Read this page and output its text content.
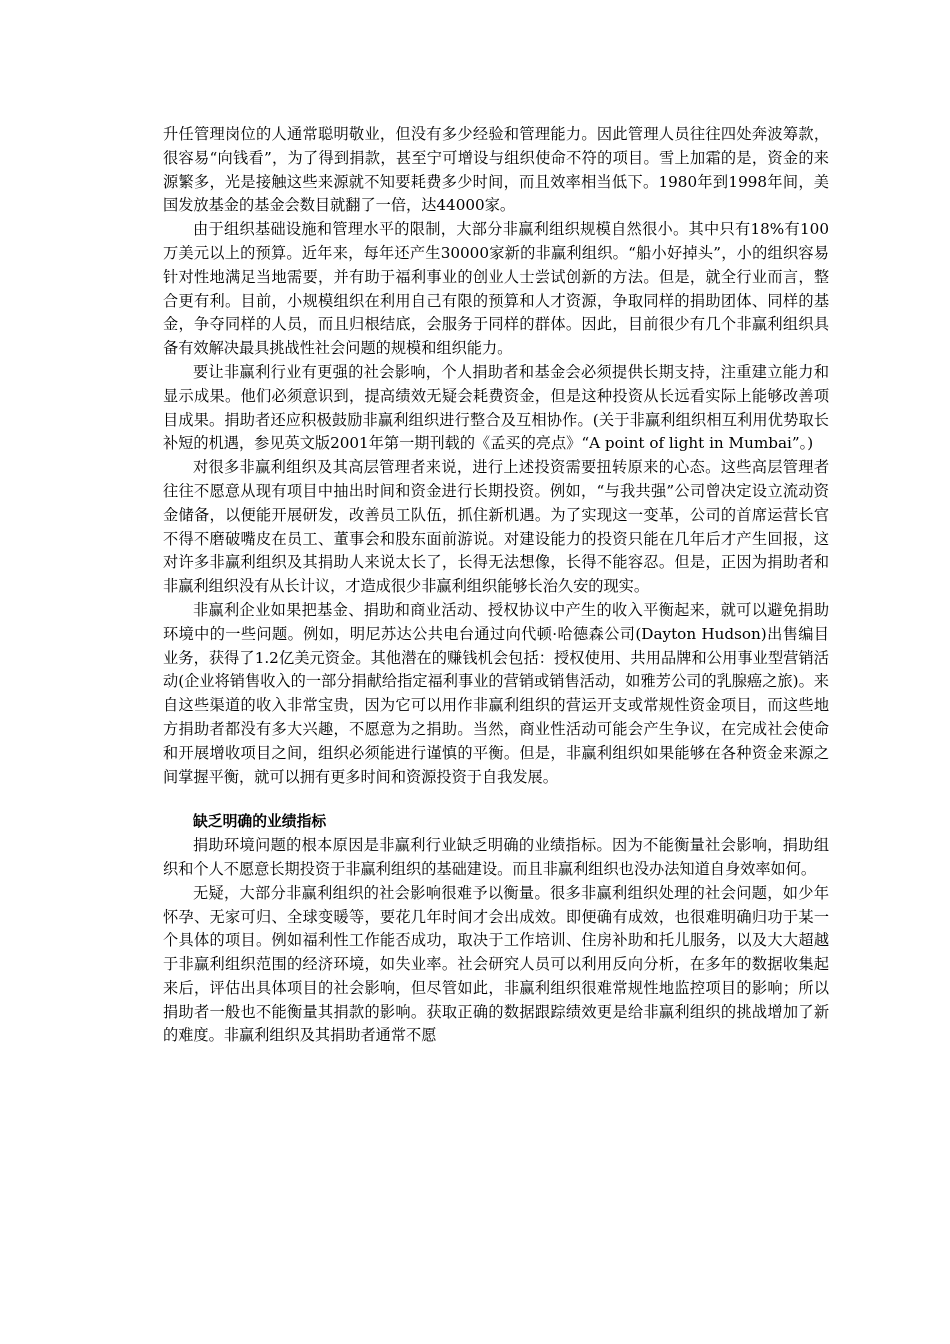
升任管理岗位的人通常聪明敬业，但没有多少经验和管理能力。因此管理人员往往四处奔波筹款，很容易“向钱看”，为了得到捐款，甚至宁可增设与组织使命不符的项目。雪上加霜的是，资金的来源繁多，光是接触这些来源就不知要耗费多少时间，而且效率相当低下。1980年到1998年间，美国发放基金的基金会数目就翻了一倍，达44000家。

由于组织基础设施和管理水平的限制，大部分非赢利组织规模自然很小。其中只有18%有100万美元以上的预算。近年来，每年还产生30000家新的非赢利组织。“船小好掉头”，小的组织容易针对性地满足当地需要，并有助于福利事业的创业人士尝试创新的方法。但是，就全行业而言，整合更有利。目前，小规模组织在利用自己有限的预算和人才资源，争取同样的捐助团体、同样的基金，争夺同样的人员，而且归根结底，会服务于同样的群体。因此，目前很少有几个非赢利组织具备有效解决最具挑战性社会问题的规模和组织能力。

要让非赢利行业有更强的社会影响，个人捐助者和基金会必须提供长期支持，注重建立能力和显示成果。他们必须意识到，提高绩效无疑会耗费资金，但是这种投资从长远看实际上能够改善项目成果。捐助者还应积极鼓励非赢利组织进行整合及互相协作。(关于非赢利组织相互利用优势取长补短的机遇，参见英文版2001年第一期刊载的《孟买的亮点》“A point of light in Mumbai”。)

对很多非赢利组织及其高层管理者来说，进行上述投资需要扭转原来的心态。这些高层管理者往往不愿意从现有项目中抽出时间和资金进行长期投资。例如，“与我共强”公司曾决定设立流动资金储备，以便能开展研发，改善员工队伍，抓住新机遇。为了实现这一变革，公司的首席运营长官不得不磨破嘴皮在员工、董事会和股东面前游说。对建设能力的投资只能在几年后才产生回报，这对许多非赢利组织及其捐助人来说太长了，长得无法想像，长得不能容忍。但是，正因为捐助者和非赢利组织没有从长计议，才造成很少非赢利组织能够长治久安的现实。

非赢利企业如果把基金、捐助和商业活动、授权协议中产生的收入平衡起来，就可以避免捐助环境中的一些问题。例如，明尼苏达公共电台通过向代顿·哈德森公司(Dayton Hudson)出售编目业务，获得了1.2亿美元资金。其他潜在的赚钱机会包括：授权使用、共用品牌和公用事业型营销活动(企业将销售收入的一部分捐献给指定福利事业的营销或销售活动，如雅芳公司的乳腺癌之旅)。来自这些渠道的收入非常宝贵，因为它可以用作非赢利组织的营运开支或常规性资金项目，而这些地方捐助者都没有多大兴趣，不愿意为之捐助。当然，商业性活动可能会产生争议，在完成社会使命和开展增收项目之间，组织必须能进行谨慎的平衡。但是，非赢利组织如果能够在各种资金来源之间掌握平衡，就可以拥有更多时间和资源投资于自我发展。

缺乏明确的业绩指标

捐助环境问题的根本原因是非赢利行业缺乏明确的业绩指标。因为不能衡量社会影响，捐助组织和个人不愿意长期投资于非赢利组织的基础建设。而且非赢利组织也没办法知道自身效率如何。

无疑，大部分非赢利组织的社会影响很难予以衡量。很多非赢利组织处理的社会问题，如少年怀孕、无家可归、全球变暖等，要花几年时间才会出成效。即便确有成效，也很难明确归功于某一个具体的项目。例如福利性工作能否成功，取决于工作培训、住房补助和托儿服务，以及大大超越于非赢利组织范围的经济环境，如失业率。社会研究人员可以利用反向分析，在多年的数据收集起来后，评估出具体项目的社会影响，但尽管如此，非赢利组织很难常规性地监控项目的影响；所以捐助者一般也不能衡量其捐款的影响。获取正确的数据跟踪绩效更是给非赢利组织的挑战增加了新的难度。非赢利组织及其捐助者通常不愿
